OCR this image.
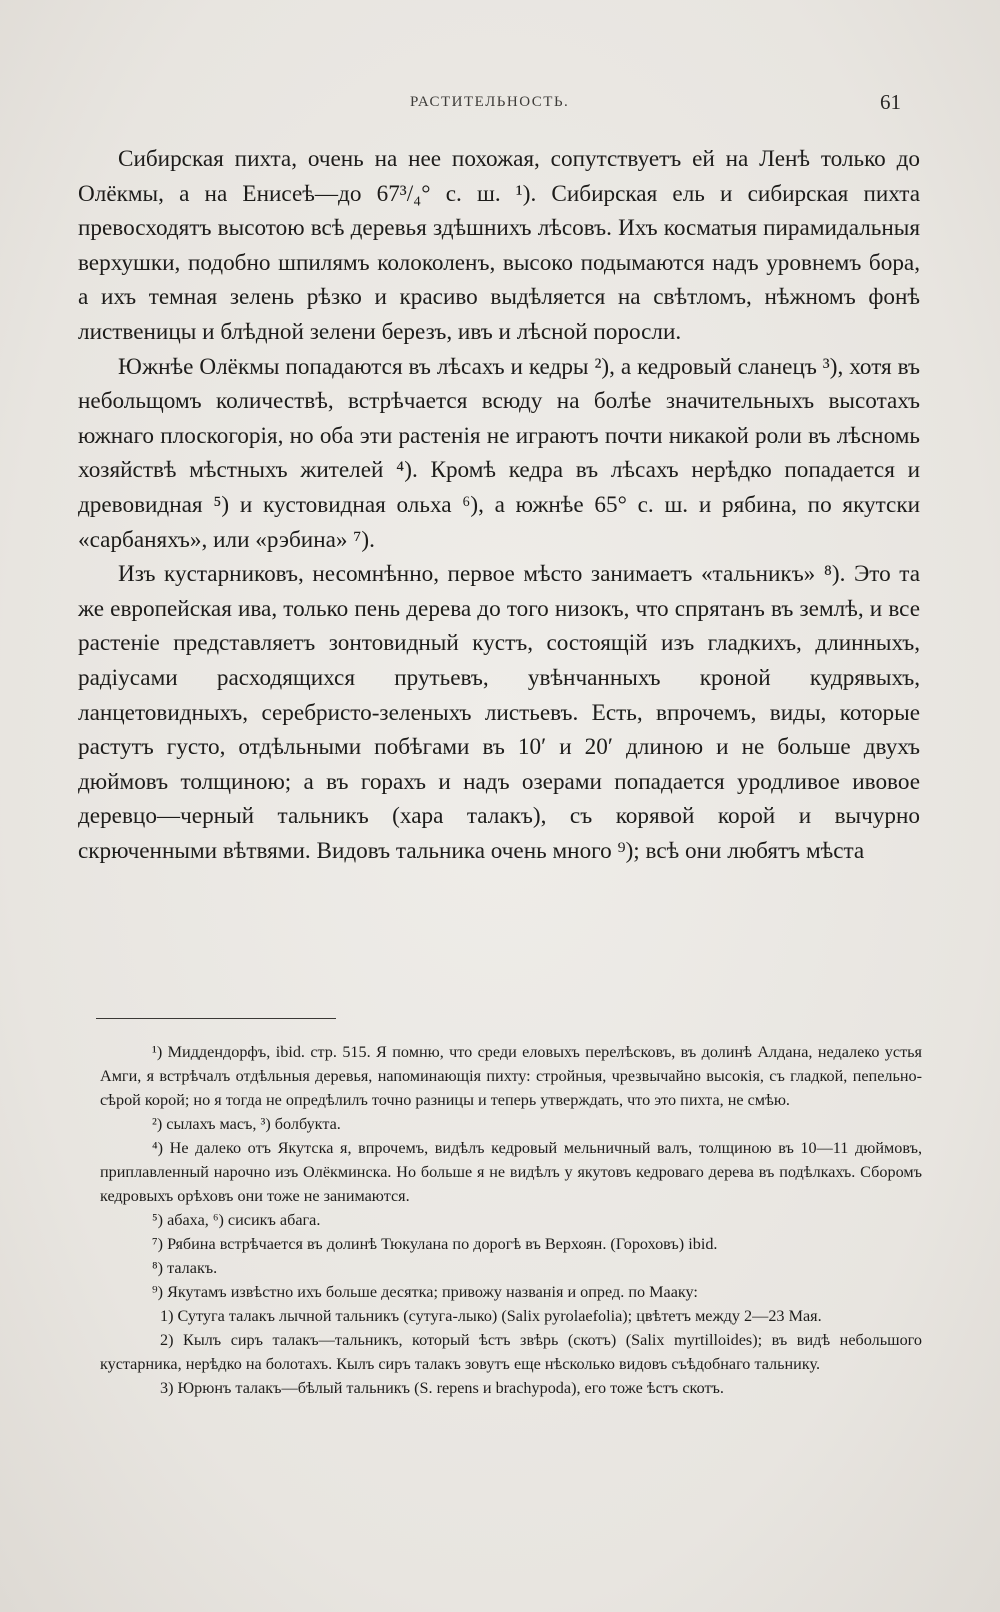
РАСТИТЕЛЬНОСТЬ.	61

Сибирская пихта, очень на нее похожая, сопутствуетъ ей на Ленѣ только до Олёкмы, а на Енисеѣ—до 67³/₄° с. ш. ¹). Сибирская ель и сибирская пихта превосходятъ высотою всѣ деревья здѣшнихъ лѣсовъ. Ихъ косматыя пирамидальныя верхушки, подобно шпилямъ колоколенъ, высоко подымаются надъ уровнемъ бора, а ихъ темная зелень рѣзко и красиво выдѣляется на свѣтломъ, нѣжномъ фонѣ лиственицы и блѣдной зелени березъ, ивъ и лѣсной поросли.

Южнѣе Олёкмы попадаются въ лѣсахъ и кедры ²), а кедровый сланецъ ³), хотя въ небольщомъ количествѣ, встрѣчается всюду на болѣе значительныхъ высотахъ южнаго плоскогорія, но оба эти растенія не играютъ почти никакой роли въ лѣсномь хозяйствѣ мѣстныхъ жителей ⁴). Кромѣ кедра въ лѣсахъ нерѣдко попадается и древовидная ⁵) и кустовидная ольха ⁶), а южнѣе 65° с. ш. и рябина, по якутски «сарбаняхъ», или «рэбина» ⁷).

Изъ кустарниковъ, несомнѣнно, первое мѣсто занимаетъ «тальникъ» ⁸). Это та же европейская ива, только пень дерева до того низокъ, что спрятанъ въ землѣ, и все растеніе представляетъ зонтовидный кустъ, состоящій изъ гладкихъ, длинныхъ, радіусами расходящихся прутьевъ, увѣнчанныхъ кроной кудрявыхъ, ланцетовидныхъ, серебристо-зеленыхъ листьевъ. Есть, впрочемъ, виды, которые растутъ густо, отдѣльными побѣгами въ 10′ и 20′ длиною и не больше двухъ дюймовъ толщиною; а въ горахъ и надъ озерами попадается уродливое ивовое деревцо—черный тальникъ (хара талакъ), съ корявой корой и вычурно скрюченными вѣтвями. Видовъ тальника очень много ⁹); всѣ они любятъ мѣста

¹) Миддендорфъ, ibid. стр. 515. Я помню, что среди еловыхъ перелѣсковъ, въ долинѣ Алдана, недалеко устья Амги, я встрѣчалъ отдѣльныя деревья, напоминающія пихту: стройныя, чрезвычайно высокія, съ гладкой, пепельно-сѣрой корой; но я тогда не опредѣлилъ точно разницы и теперь утверждать, что это пихта, не смѣю.

²) сылахъ масъ, ³) болбукта.

⁴) Не далеко отъ Якутска я, впрочемъ, видѣлъ кедровый мельничный валъ, толщиною въ 10—11 дюймовъ, приплавленный нарочно изъ Олёкминска. Но больше я не видѣлъ у якутовъ кедроваго дерева въ подѣлкахъ. Сборомъ кедровыхъ орѣховъ они тоже не занимаются.

⁵) абаха, ⁶) сисикъ абага.

⁷) Рябина встрѣчается въ долинѣ Тюкулана по дорогѣ въ Верхоян. (Гороховъ) ibid.

⁸) талакъ.

⁹) Якутамъ извѣстно ихъ больше десятка; привожу названія и опред. по Мааку:

1) Сутуга талакъ лычной тальникъ (сутуга-лыко) (Salix pyrolaefolia); цвѣтетъ между 2—23 Мая.

2) Кылъ сиръ талакъ—тальникъ, который ѣстъ звѣрь (скотъ) (Salix myrtilloides); въ видѣ небольшого кустарника, нерѣдко на болотахъ. Кылъ сиръ талакъ зовутъ еще нѣсколько видовъ съѣдобнаго тальнику.

3) Юрюнъ талакъ—бѣлый тальникъ (S. repens и brachypoda), его тоже ѣстъ скотъ.
